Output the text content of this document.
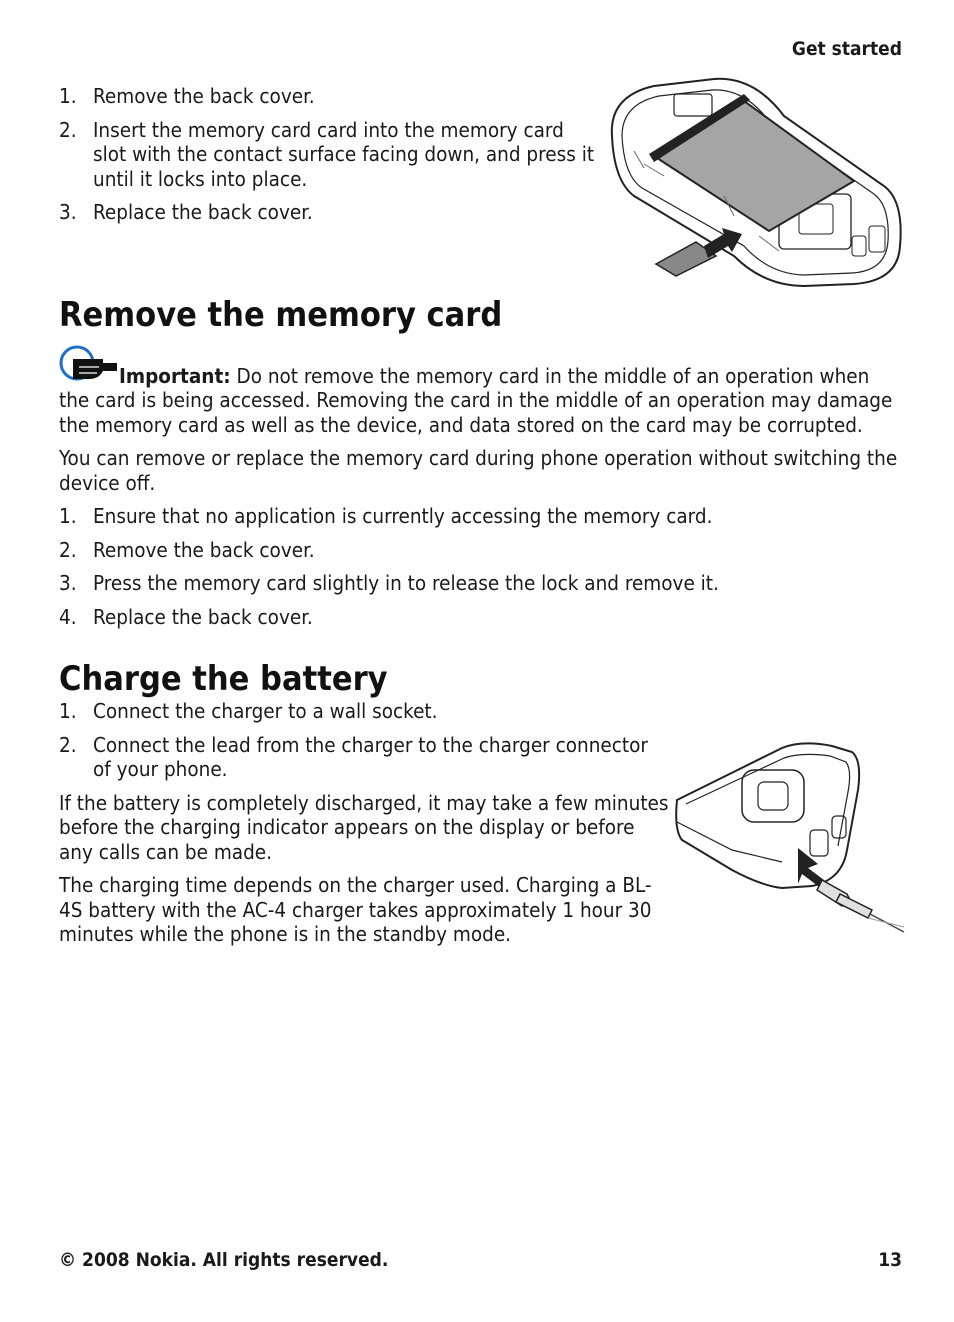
Get started
1. Remove the back cover.
2. Insert the memory card card into the memory card slot with the contact surface facing down, and press it until it locks into place.
3. Replace the back cover.
Remove the memory card

Important: Do not remove the memory card in the middle of an operation when the card is being accessed. Removing the card in the middle of an operation may damage the memory card as well as the device, and data stored on the card may be corrupted.

You can remove or replace the memory card during phone operation without switching the device off.

1. Ensure that no application is currently accessing the memory card.
2. Remove the back cover.
3. Press the memory card slightly in to release the lock and remove it.
4. Replace the back cover.
Charge the battery
1. Connect the charger to a wall socket.
2. Connect the lead from the charger to the charger connector of your phone.

If the battery is completely discharged, it may take a few minutes before the charging indicator appears on the display or before any calls can be made.

The charging time depends on the charger used. Charging a BL-4S battery with the AC-4 charger takes approximately 1 hour 30 minutes while the phone is in the standby mode.

© 2008 Nokia. All rights reserved.	13
